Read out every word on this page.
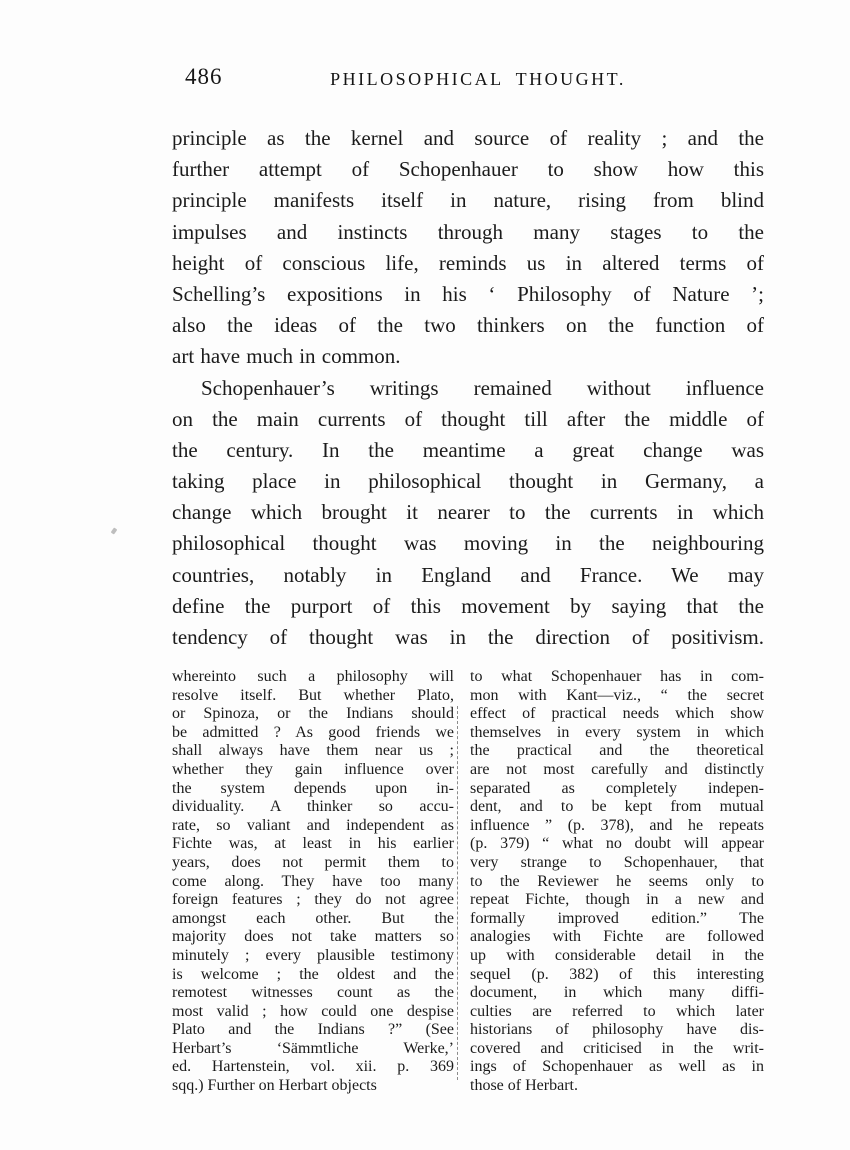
486	PHILOSOPHICAL THOUGHT.
principle as the kernel and source of reality ; and the
further attempt of Schopenhauer to show how this
principle manifests itself in nature, rising from blind
impulses and instincts through many stages to the
height of conscious life, reminds us in altered terms of
Schelling’s expositions in his ‘ Philosophy of Nature ’;
also the ideas of the two thinkers on the function of
art have much in common.
Schopenhauer’s writings remained without influence
on the main currents of thought till after the middle of
the century. In the meantime a great change was
taking place in philosophical thought in Germany, a
change which brought it nearer to the currents in which
philosophical thought was moving in the neighbouring
countries, notably in England and France. We may
define the purport of this movement by saying that the
tendency of thought was in the direction of positivism.
whereinto such a philosophy will
resolve itself. But whether Plato,
or Spinoza, or the Indians should
be admitted ? As good friends we
shall always have them near us ;
whether they gain influence over
the system depends upon in-
dividuality. A thinker so accu-
rate, so valiant and independent as
Fichte was, at least in his earlier
years, does not permit them to
come along. They have too many
foreign features ; they do not agree
amongst each other. But the
majority does not take matters so
minutely ; every plausible testimony
is welcome ; the oldest and the
remotest witnesses count as the
most valid ; how could one despise
Plato and the Indians ?” (See
Herbart’s ‘Sämmtliche Werke,’
ed. Hartenstein, vol. xii. p. 369
sqq.) Further on Herbart objects
to what Schopenhauer has in com-
mon with Kant—viz., “ the secret
effect of practical needs which show
themselves in every system in which
the practical and the theoretical
are not most carefully and distinctly
separated as completely indepen-
dent, and to be kept from mutual
influence ” (p. 378), and he repeats
(p. 379) “ what no doubt will appear
very strange to Schopenhauer, that
to the Reviewer he seems only to
repeat Fichte, though in a new and
formally improved edition.” The
analogies with Fichte are followed
up with considerable detail in the
sequel (p. 382) of this interesting
document, in which many diffi-
culties are referred to which later
historians of philosophy have dis-
covered and criticised in the writ-
ings of Schopenhauer as well as in
those of Herbart.
